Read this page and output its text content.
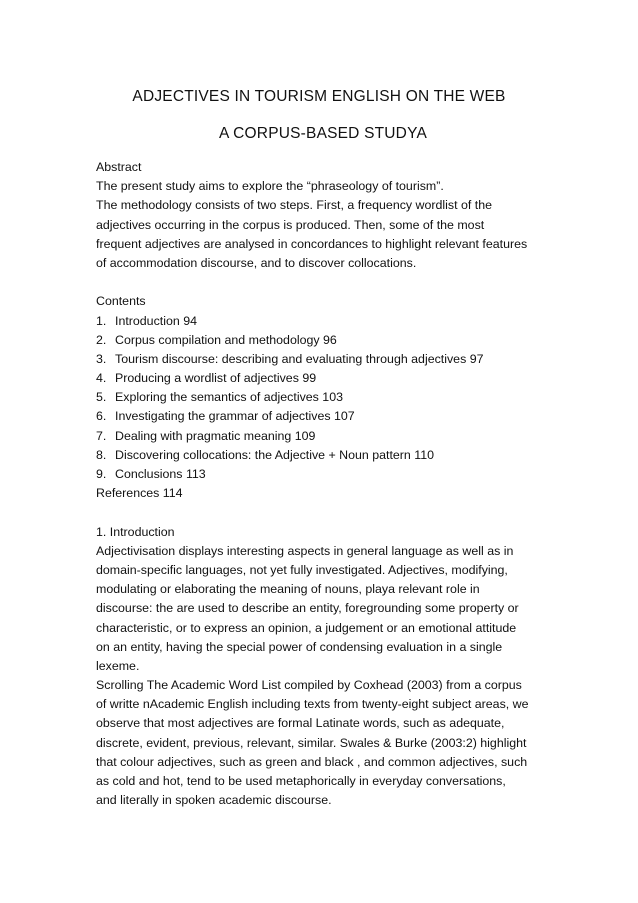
ADJECTIVES IN TOURISM ENGLISH ON THE WEB
A CORPUS-BASED STUDYA
Abstract
The present study aims to explore the “phraseology of tourism”.
The methodology consists of two steps. First, a frequency wordlist of the
adjectives occurring in the corpus is produced. Then, some of the most
frequent adjectives are analysed in concordances to highlight relevant features
of accommodation discourse, and to discover collocations.
Contents
1. Introduction 94
2. Corpus compilation and methodology 96
3. Tourism discourse: describing and evaluating through adjectives 97
4. Producing a wordlist of adjectives 99
5. Exploring the semantics of adjectives 103
6. Investigating the grammar of adjectives 107
7. Dealing with pragmatic meaning 109
8. Discovering collocations: the Adjective + Noun pattern 110
9. Conclusions 113
References 114
1. Introduction
Adjectivisation displays interesting aspects in general language as well as in
domain-specific languages, not yet fully investigated. Adjectives, modifying,
modulating or elaborating the meaning of nouns, playa relevant role in
discourse: the are used to describe an entity, foregrounding some property or
characteristic, or to express an opinion, a judgement or an emotional attitude
on an entity, having the special power of condensing evaluation in a single
lexeme.
Scrolling The Academic Word List compiled by Coxhead (2003) from a corpus
of writte nAcademic English including texts from twenty-eight subject areas, we
observe that most adjectives are formal Latinate words, such as adequate,
discrete, evident, previous, relevant, similar. Swales & Burke (2003:2) highlight
that colour adjectives, such as green and black , and common adjectives, such
as cold and hot, tend to be used metaphorically in everyday conversations,
and literally in spoken academic discourse.
